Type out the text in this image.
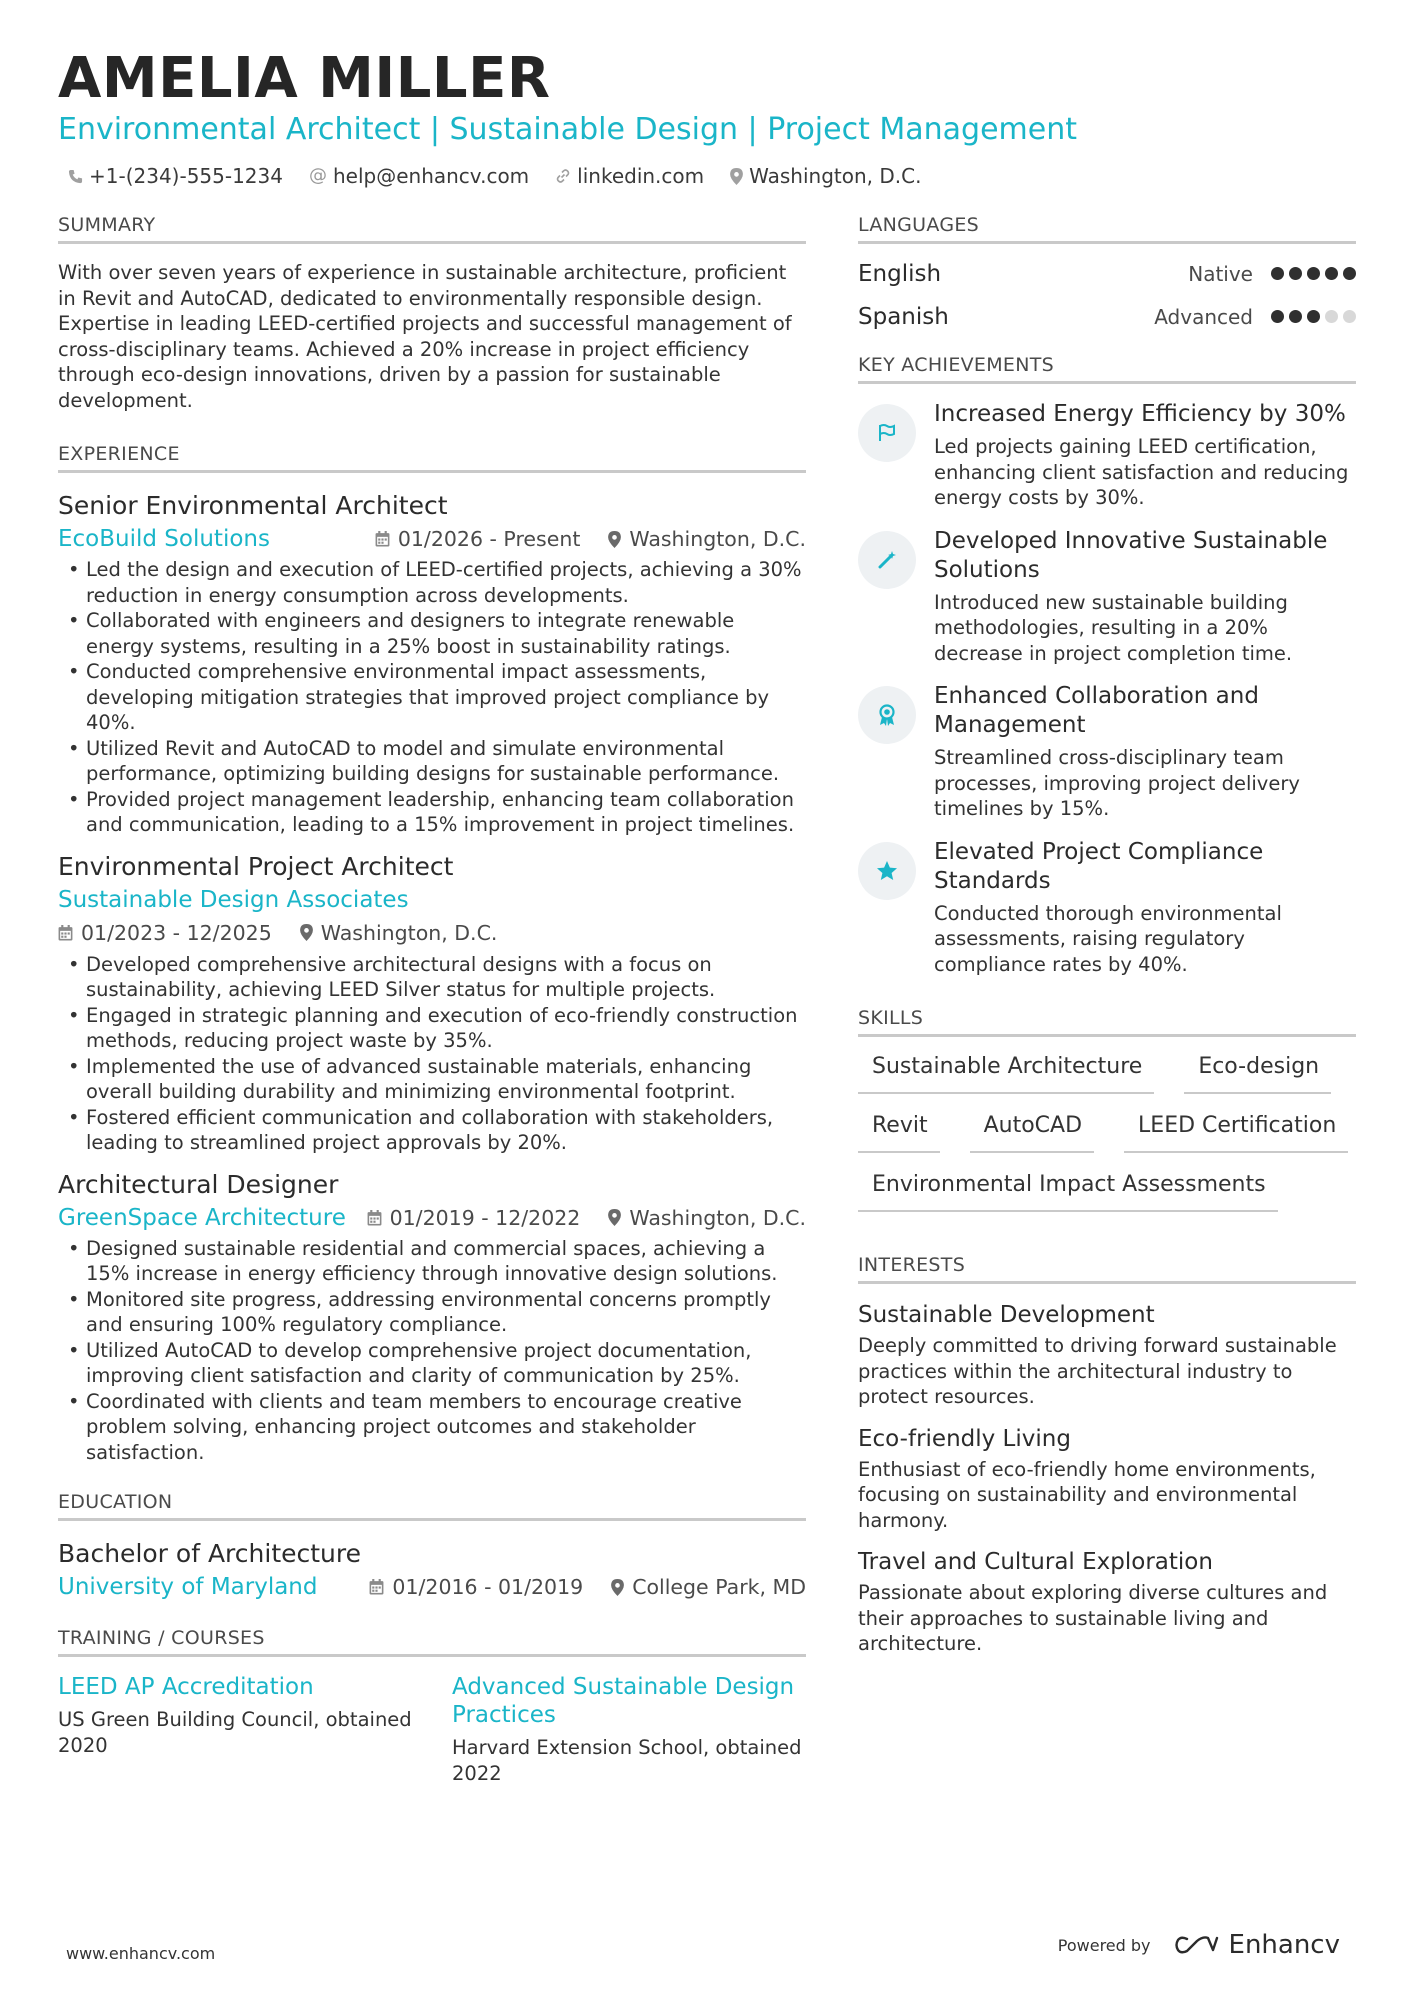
AMELIA MILLER
Environmental Architect | Sustainable Design | Project Management
+1-(234)-555-1234 @ help@enhancv.com linkedin.com Washington, D.C.
SUMMARY
With over seven years of experience in sustainable architecture, proficient in Revit and AutoCAD, dedicated to environmentally responsible design. Expertise in leading LEED-certified projects and successful management of cross-disciplinary teams. Achieved a 20% increase in project efficiency through eco-design innovations, driven by a passion for sustainable development.
EXPERIENCE
Senior Environmental Architect
EcoBuild Solutions	01/2026 - Present Washington, D.C.
• Led the design and execution of LEED-certified projects, achieving a 30% reduction in energy consumption across developments.
• Collaborated with engineers and designers to integrate renewable energy systems, resulting in a 25% boost in sustainability ratings.
• Conducted comprehensive environmental impact assessments, developing mitigation strategies that improved project compliance by 40%.
• Utilized Revit and AutoCAD to model and simulate environmental performance, optimizing building designs for sustainable performance.
• Provided project management leadership, enhancing team collaboration and communication, leading to a 15% improvement in project timelines.
Environmental Project Architect
Sustainable Design Associates
01/2023 - 12/2025 Washington, D.C.
• Developed comprehensive architectural designs with a focus on sustainability, achieving LEED Silver status for multiple projects.
• Engaged in strategic planning and execution of eco-friendly construction methods, reducing project waste by 35%.
• Implemented the use of advanced sustainable materials, enhancing overall building durability and minimizing environmental footprint.
• Fostered efficient communication and collaboration with stakeholders, leading to streamlined project approvals by 20%.
Architectural Designer
GreenSpace Architecture 01/2019 - 12/2022 Washington, D.C.
• Designed sustainable residential and commercial spaces, achieving a 15% increase in energy efficiency through innovative design solutions.
• Monitored site progress, addressing environmental concerns promptly and ensuring 100% regulatory compliance.
• Utilized AutoCAD to develop comprehensive project documentation, improving client satisfaction and clarity of communication by 25%.
• Coordinated with clients and team members to encourage creative problem solving, enhancing project outcomes and stakeholder satisfaction.
EDUCATION
Bachelor of Architecture
University of Maryland	01/2016 - 01/2019 College Park, MD
TRAINING / COURSES
LEED AP Accreditation
US Green Building Council, obtained 2020
Advanced Sustainable Design Practices
Harvard Extension School, obtained 2022
LANGUAGES
English	Native
Spanish	Advanced
KEY ACHIEVEMENTS
Increased Energy Efficiency by 30%
Led projects gaining LEED certification, enhancing client satisfaction and reducing energy costs by 30%.
Developed Innovative Sustainable Solutions
Introduced new sustainable building methodologies, resulting in a 20% decrease in project completion time.
Enhanced Collaboration and Management
Streamlined cross-disciplinary team processes, improving project delivery timelines by 15%.
Elevated Project Compliance Standards
Conducted thorough environmental assessments, raising regulatory compliance rates by 40%.
SKILLS
Sustainable Architecture	Eco-design
Revit	AutoCAD	LEED Certification
Environmental Impact Assessments
INTERESTS
Sustainable Development
Deeply committed to driving forward sustainable practices within the architectural industry to protect resources.
Eco-friendly Living
Enthusiast of eco-friendly home environments, focusing on sustainability and environmental harmony.
Travel and Cultural Exploration
Passionate about exploring diverse cultures and their approaches to sustainable living and architecture.
www.enhancv.com	Powered by	Enhancv
